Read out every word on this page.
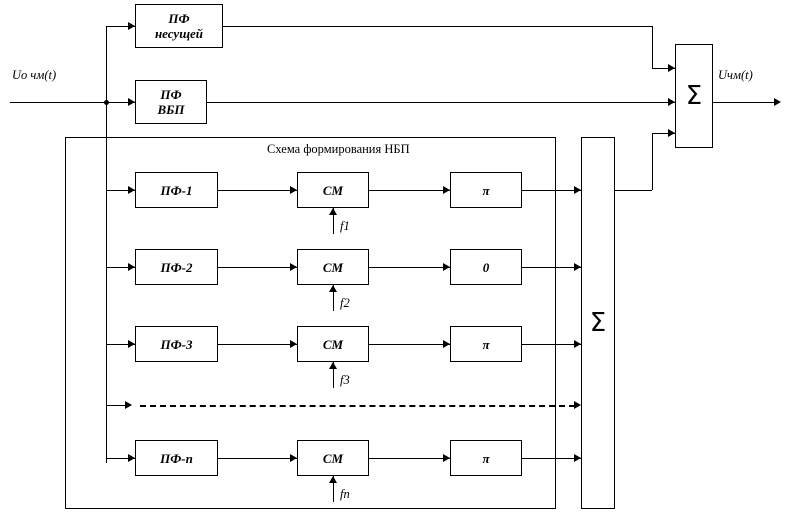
ПФ
несущей
ПФ
ВБП	Σ
Σ
Схема формирования НБП
ПФ-1	СМ	π
ПФ-2	СМ	0
ПФ-3	СМ	π
ПФ-n	СМ	π
Uо чм(t)
f1
f2
f3
fn
Uчм(t)
